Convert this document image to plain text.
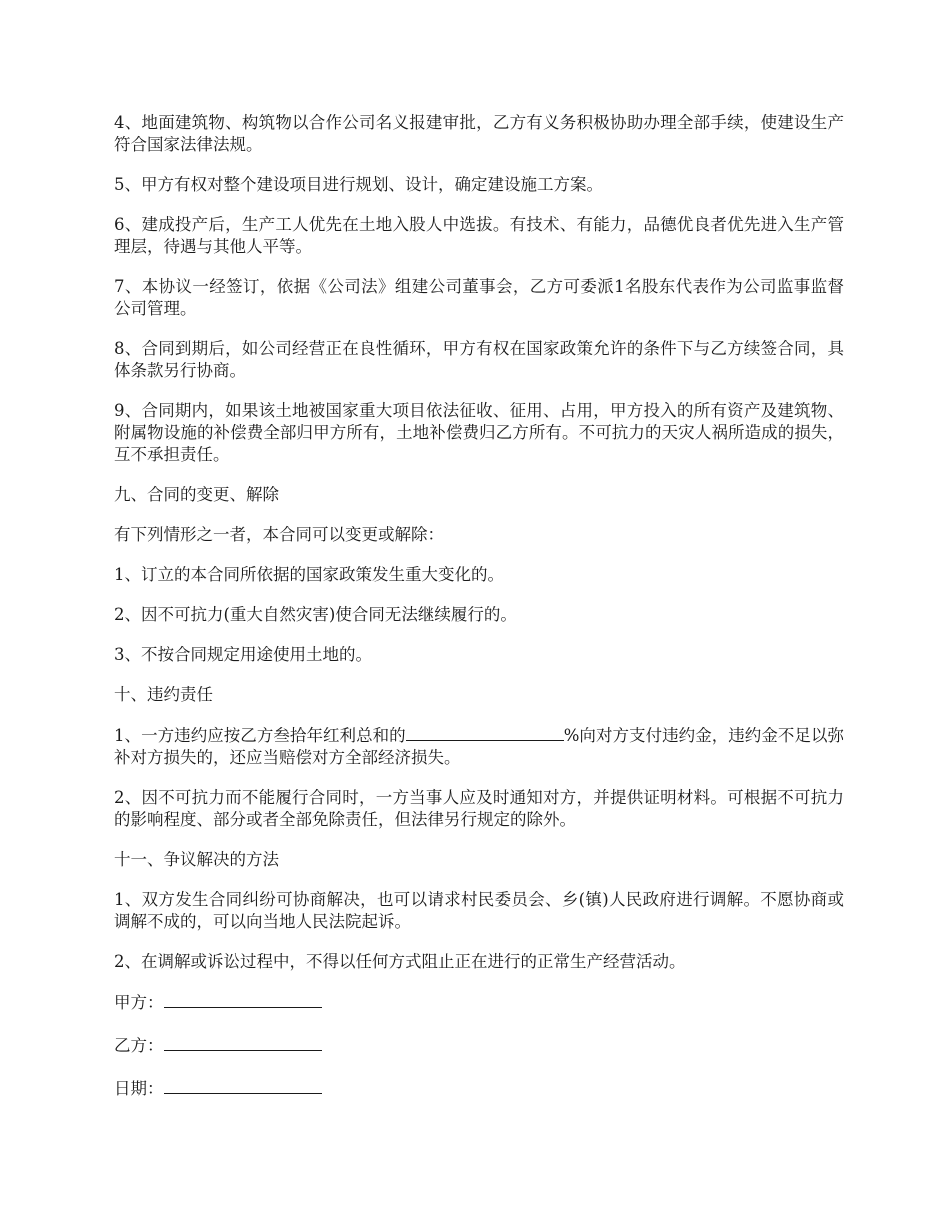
4、地面建筑物、构筑物以合作公司名义报建审批，乙方有义务积极协助办理全部手续，使建设生产符合国家法律法规。

5、甲方有权对整个建设项目进行规划、设计，确定建设施工方案。

6、建成投产后，生产工人优先在土地入股人中选拔。有技术、有能力，品德优良者优先进入生产管理层，待遇与其他人平等。

7、本协议一经签订，依据《公司法》组建公司董事会，乙方可委派1名股东代表作为公司监事监督公司管理。

8、合同到期后，如公司经营正在良性循环，甲方有权在国家政策允许的条件下与乙方续签合同，具体条款另行协商。

9、合同期内，如果该土地被国家重大项目依法征收、征用、占用，甲方投入的所有资产及建筑物、附属物设施的补偿费全部归甲方所有，土地补偿费归乙方所有。不可抗力的天灾人祸所造成的损失，互不承担责任。

九、合同的变更、解除

有下列情形之一者，本合同可以变更或解除：

1、订立的本合同所依据的国家政策发生重大变化的。

2、因不可抗力(重大自然灾害)使合同无法继续履行的。

3、不按合同规定用途使用土地的。

十、违约责任

1、一方违约应按乙方叁拾年红利总和的	%向对方支付违约金，违约金不足以弥补对方损失的，还应当赔偿对方全部经济损失。

2、因不可抗力而不能履行合同时，一方当事人应及时通知对方，并提供证明材料。可根据不可抗力的影响程度、部分或者全部免除责任，但法律另行规定的除外。

十一、争议解决的方法

1、双方发生合同纠纷可协商解决，也可以请求村民委员会、乡(镇)人民政府进行调解。不愿协商或调解不成的，可以向当地人民法院起诉。

2、在调解或诉讼过程中，不得以任何方式阻止正在进行的正常生产经营活动。

甲方：
乙方：
日期：
